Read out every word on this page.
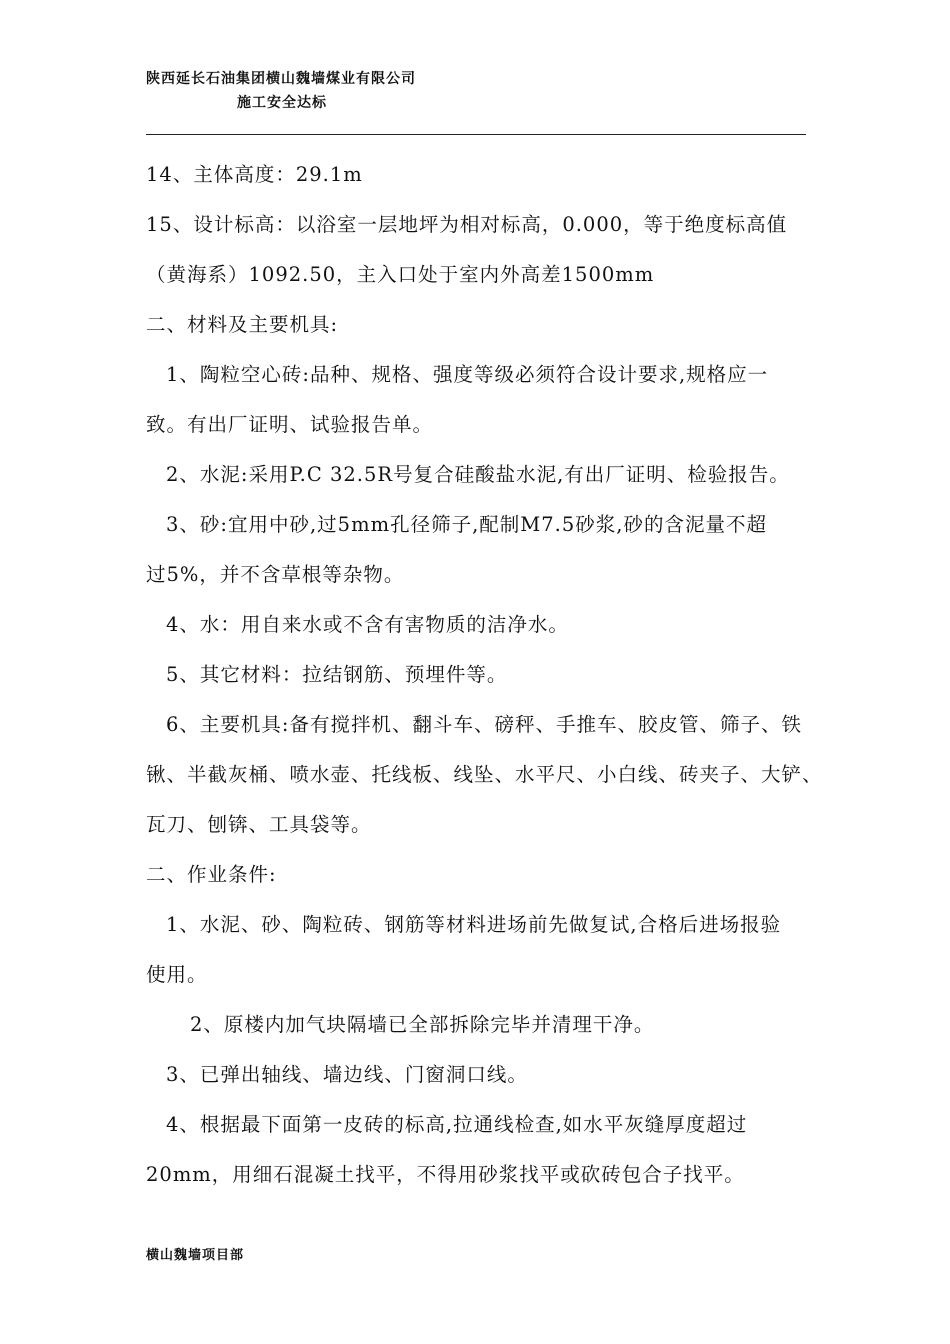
陕西延长石油集团横山魏墙煤业有限公司
施工安全达标
14、主体高度：29.1m
15、设计标高：以浴室一层地坪为相对标高，0.000，等于绝度标高值
（黄海系）1092.50，主入口处于室内外高差1500mm
二、材料及主要机具:
1、陶粒空心砖:品种、规格、强度等级必须符合设计要求,规格应一
致。有出厂证明、试验报告单。
2、水泥:采用P.C 32.5R号复合硅酸盐水泥,有出厂证明、检验报告。
3、砂:宜用中砂,过5mm孔径筛子,配制M7.5砂浆,砂的含泥量不超
过5%，并不含草根等杂物。
4、水：用自来水或不含有害物质的洁净水。
5、其它材料：拉结钢筋、预埋件等。
6、主要机具:备有搅拌机、翻斗车、磅秤、手推车、胶皮管、筛子、铁
锹、半截灰桶、喷水壶、托线板、线坠、水平尺、小白线、砖夹子、大铲、
瓦刀、刨锛、工具袋等。
二、作业条件:
1、水泥、砂、陶粒砖、钢筋等材料进场前先做复试,合格后进场报验
使用。
2、原楼内加气块隔墙已全部拆除完毕并清理干净。
3、已弹出轴线、墙边线、门窗洞口线。
4、根据最下面第一皮砖的标高,拉通线检查,如水平灰缝厚度超过
20mm，用细石混凝土找平，不得用砂浆找平或砍砖包合子找平。
横山魏墙项目部
